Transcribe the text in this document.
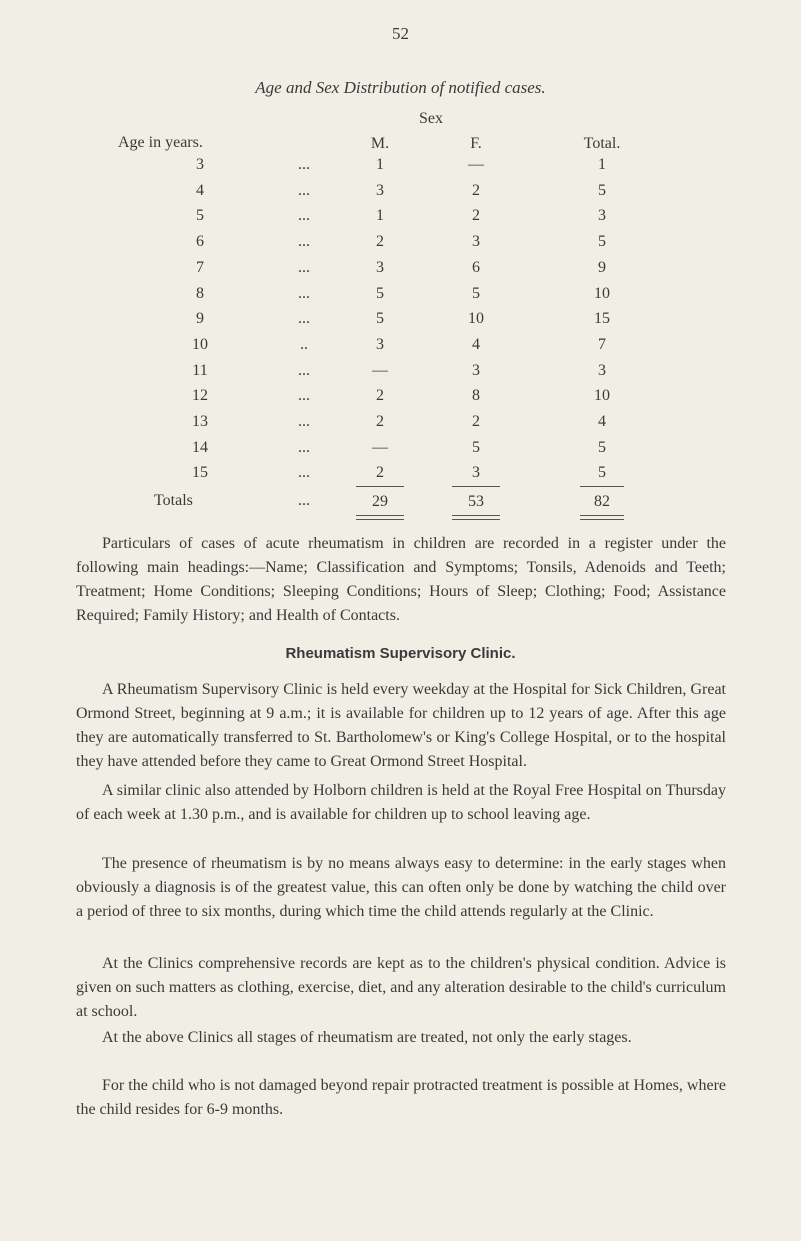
52
Age and Sex Distribution of notified cases.
Sex
Age in years.	M.	F.	Total.
3	...	1	—	1
4	...	3	2	5
5	...	1	2	3
6	...	2	3	5
7	...	3	6	9
8	...	5	5	10
9	...	5	10	15
10	..	3	4	7
11	...	—	3	3
12	...	2	8	10
13	...	2	2	4
14	...	—	5	5
15	...	2	3	5
Totals	...	29	53	82

Particulars of cases of acute rheumatism in children are recorded in a register under the following main headings:—Name; Classification and Symptoms; Tonsils, Adenoids and Teeth; Treatment; Home Conditions; Sleeping Conditions; Hours of Sleep; Clothing; Food; Assistance Required; Family History; and Health of Contacts.

Rheumatism Supervisory Clinic.

A Rheumatism Supervisory Clinic is held every weekday at the Hospital for Sick Children, Great Ormond Street, beginning at 9 a.m.; it is available for children up to 12 years of age. After this age they are automatically transferred to St. Bartholomew's or King's College Hospital, or to the hospital they have attended before they came to Great Ormond Street Hospital.

A similar clinic also attended by Holborn children is held at the Royal Free Hospital on Thursday of each week at 1.30 p.m., and is available for children up to school leaving age.

The presence of rheumatism is by no means always easy to determine: in the early stages when obviously a diagnosis is of the greatest value, this can often only be done by watching the child over a period of three to six months, during which time the child attends regularly at the Clinic.

At the Clinics comprehensive records are kept as to the children's physical condition. Advice is given on such matters as clothing, exercise, diet, and any alteration desirable to the child's curriculum at school.

At the above Clinics all stages of rheumatism are treated, not only the early stages.

For the child who is not damaged beyond repair protracted treatment is possible at Homes, where the child resides for 6-9 months.
